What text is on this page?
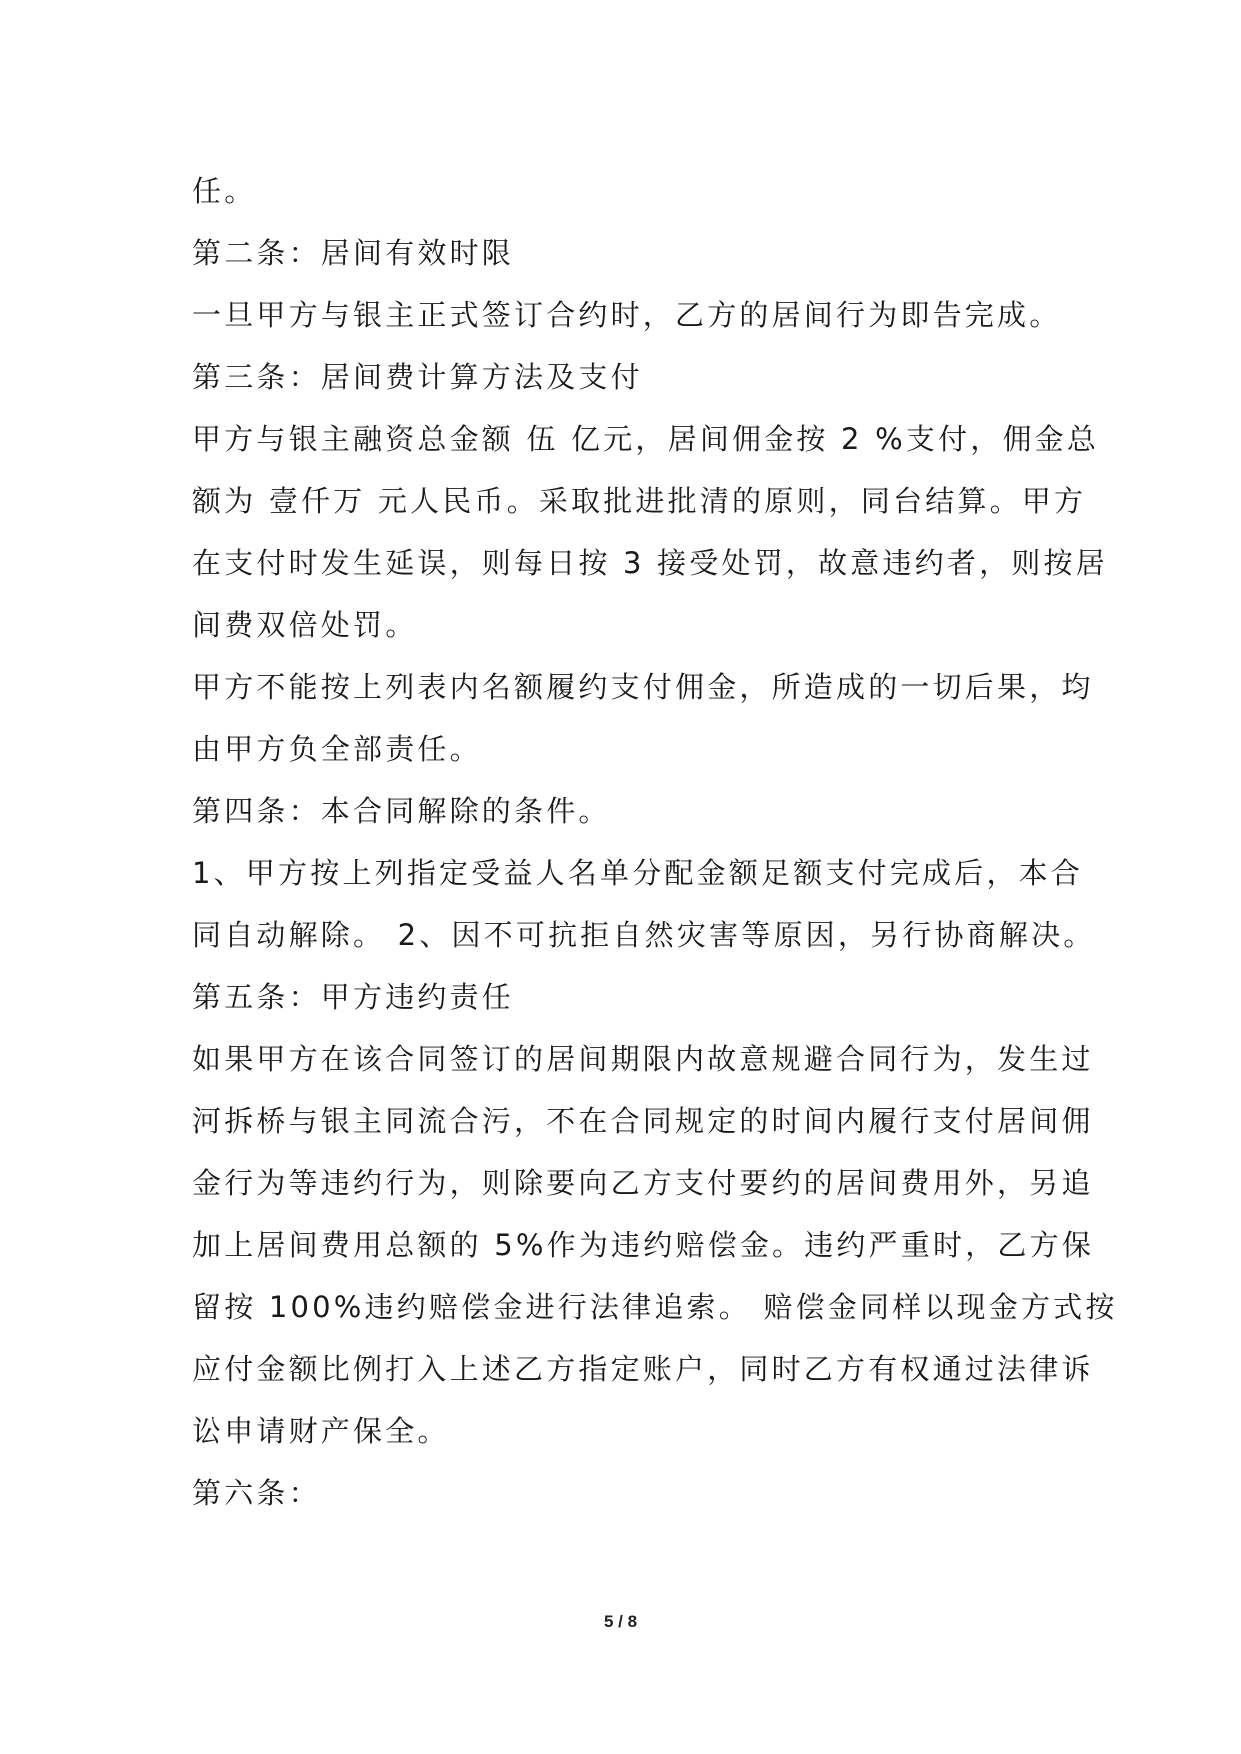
任。
第二条：居间有效时限
一旦甲方与银主正式签订合约时，乙方的居间行为即告完成。
第三条：居间费计算方法及支付
甲方与银主融资总金额 伍 亿元，居间佣金按 2 %支付，佣金总
额为 壹仟万 元人民币。采取批进批清的原则，同台结算。甲方
在支付时发生延误，则每日按 3 接受处罚，故意违约者，则按居
间费双倍处罚。
甲方不能按上列表内名额履约支付佣金，所造成的一切后果，均
由甲方负全部责任。
第四条：本合同解除的条件。
1、甲方按上列指定受益人名单分配金额足额支付完成后，本合
同自动解除。 2、因不可抗拒自然灾害等原因，另行协商解决。
第五条：甲方违约责任
如果甲方在该合同签订的居间期限内故意规避合同行为，发生过
河拆桥与银主同流合污，不在合同规定的时间内履行支付居间佣
金行为等违约行为，则除要向乙方支付要约的居间费用外，另追
加上居间费用总额的 5%作为违约赔偿金。违约严重时，乙方保
留按 100%违约赔偿金进行法律追索。 赔偿金同样以现金方式按
应付金额比例打入上述乙方指定账户，同时乙方有权通过法律诉
讼申请财产保全。
第六条：
5 / 8
